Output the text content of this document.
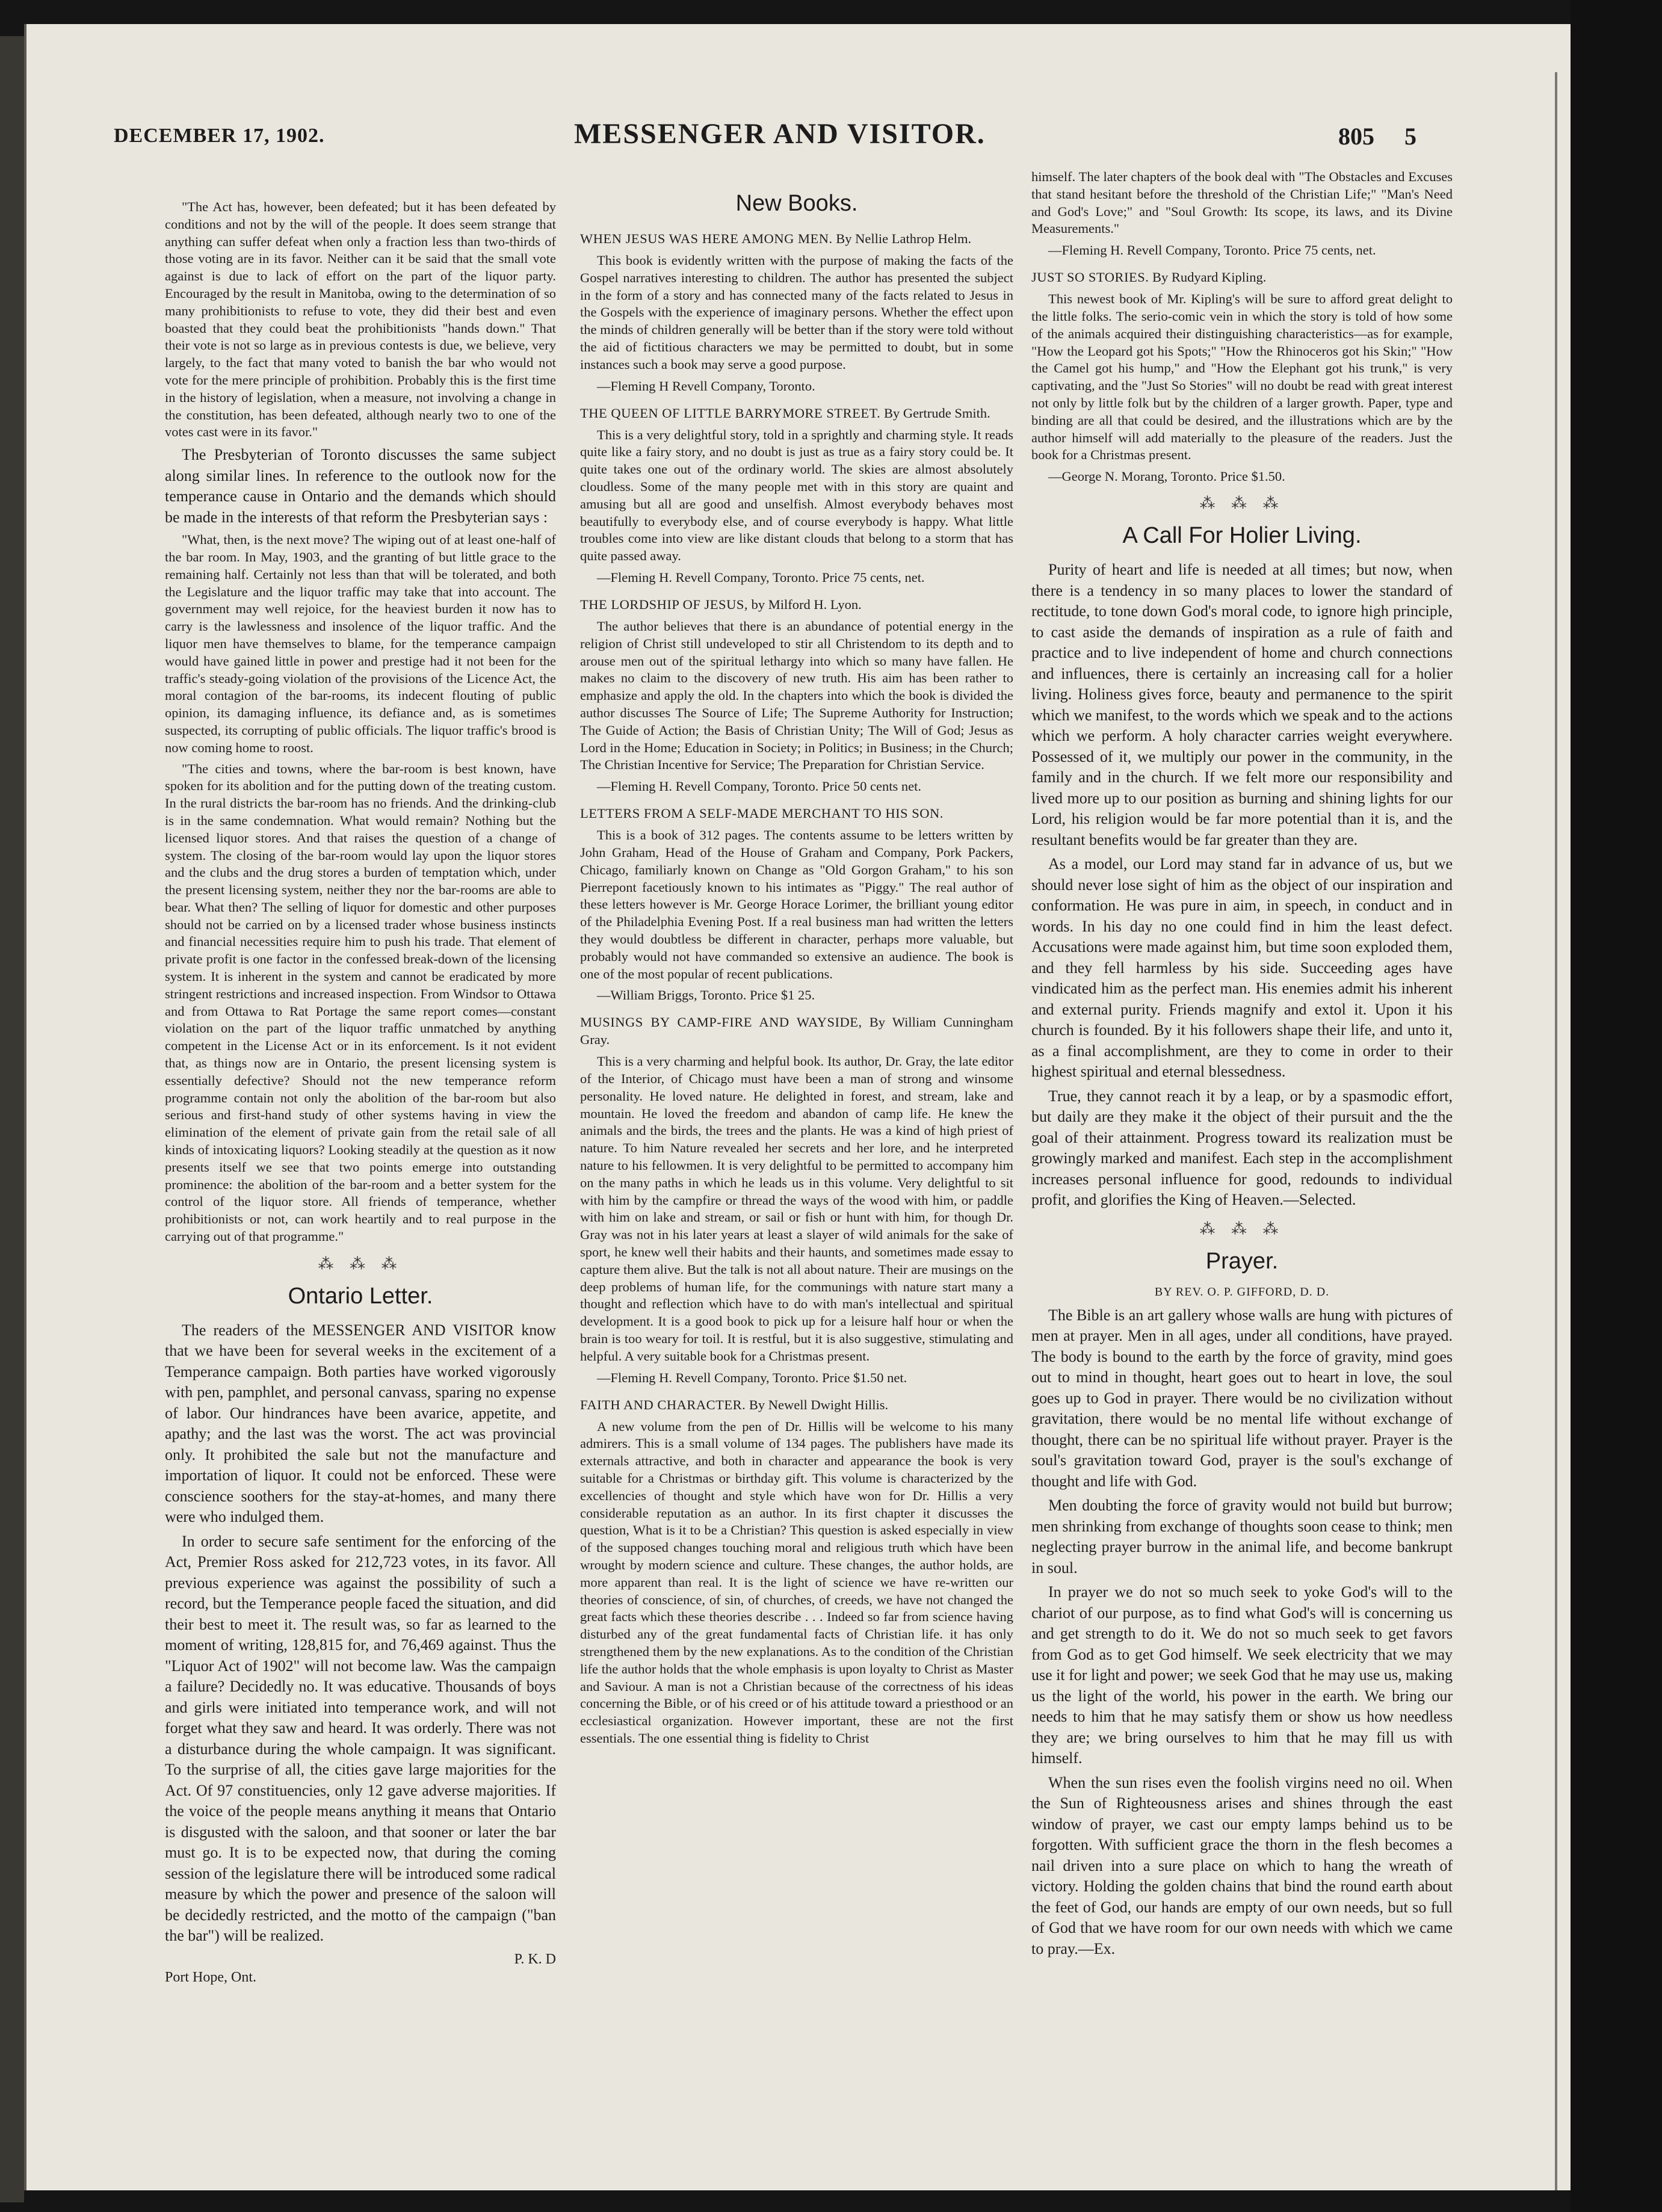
DECEMBER 17, 1902.	MESSENGER AND VISITOR.	805 5

"The Act has, however, been defeated; but it has been defeated by conditions and not by the will of the people. It does seem strange that anything can suffer defeat when only a fraction less than two-thirds of those voting are in its favor. Neither can it be said that the small vote against is due to lack of effort on the part of the liquor party. Encouraged by the result in Manitoba, owing to the determination of so many prohibitionists to refuse to vote, they did their best and even boasted that they could beat the prohibitionists "hands down." That their vote is not so large as in previous contests is due, we believe, very largely, to the fact that many voted to banish the bar who would not vote for the mere principle of prohibition. Probably this is the first time in the history of legislation, when a measure, not involving a change in the constitution, has been defeated, although nearly two to one of the votes cast were in its favor."

The Presbyterian of Toronto discusses the same subject along similar lines. In reference to the outlook now for the temperance cause in Ontario and the demands which should be made in the interests of that reform the Presbyterian says :

"What, then, is the next move? The wiping out of at least one-half of the bar room. In May, 1903, and the granting of but little grace to the remaining half. Certainly not less than that will be tolerated, and both the Legislature and the liquor traffic may take that into account. The government may well rejoice, for the heaviest burden it now has to carry is the lawlessness and insolence of the liquor traffic. And the liquor men have themselves to blame, for the temperance campaign would have gained little in power and prestige had it not been for the traffic's steady-going violation of the provisions of the Licence Act, the moral contagion of the bar-rooms, its indecent flouting of public opinion, its damaging influence, its defiance and, as is sometimes suspected, its corrupting of public officials. The liquor traffic's brood is now coming home to roost.

"The cities and towns, where the bar-room is best known, have spoken for its abolition and for the putting down of the treating custom. In the rural districts the bar-room has no friends. And the drinking-club is in the same condemnation. What would remain? Nothing but the licensed liquor stores. And that raises the question of a change of system. The closing of the bar-room would lay upon the liquor stores and the clubs and the drug stores a burden of temptation which, under the present licensing system, neither they nor the bar-rooms are able to bear. What then? The selling of liquor for domestic and other purposes should not be carried on by a licensed trader whose business instincts and financial necessities require him to push his trade. That element of private profit is one factor in the confessed break-down of the licensing system. It is inherent in the system and cannot be eradicated by more stringent restrictions and increased inspection. From Windsor to Ottawa and from Ottawa to Rat Portage the same report comes—constant violation on the part of the liquor traffic unmatched by anything competent in the License Act or in its enforcement. Is it not evident that, as things now are in Ontario, the present licensing system is essentially defective? Should not the new temperance reform programme contain not only the abolition of the bar-room but also serious and first-hand study of other systems having in view the elimination of the element of private gain from the retail sale of all kinds of intoxicating liquors? Looking steadily at the question as it now presents itself we see that two points emerge into outstanding prominence: the abolition of the bar-room and a better system for the control of the liquor store. All friends of temperance, whether prohibitionists or not, can work heartily and to real purpose in the carrying out of that programme."

⁂ ⁂ ⁂
Ontario Letter.

The readers of the MESSENGER AND VISITOR know that we have been for several weeks in the excitement of a Temperance campaign. Both parties have worked vigorously with pen, pamphlet, and personal canvass, sparing no expense of labor. Our hindrances have been avarice, appetite, and apathy; and the last was the worst. The act was provincial only. It prohibited the sale but not the manufacture and importation of liquor. It could not be enforced. These were conscience soothers for the stay-at-homes, and many there were who indulged them.

In order to secure safe sentiment for the enforcing of the Act, Premier Ross asked for 212,723 votes, in its favor. All previous experience was against the possibility of such a record, but the Temperance people faced the situation, and did their best to meet it. The result was, so far as learned to the moment of writing, 128,815 for, and 76,469 against. Thus the "Liquor Act of 1902" will not become law. Was the campaign a failure? Decidedly no. It was educative. Thousands of boys and girls were initiated into temperance work, and will not forget what they saw and heard. It was orderly. There was not a disturbance during the whole campaign. It was significant. To the surprise of all, the cities gave large majorities for the Act. Of 97 constituencies, only 12 gave adverse majorities. If the voice of the people means anything it means that Ontario is disgusted with the saloon, and that sooner or later the bar must go. It is to be expected now, that during the coming session of the legislature there will be introduced some radical measure by which the power and presence of the saloon will be decidedly restricted, and the motto of the campaign ("ban the bar") will be realized.

P. K. D
Port Hope, Ont.
New Books.

WHEN JESUS WAS HERE AMONG MEN. By Nellie Lathrop Helm.

This book is evidently written with the purpose of making the facts of the Gospel narratives interesting to children. The author has presented the subject in the form of a story and has connected many of the facts related to Jesus in the Gospels with the experience of imaginary persons. Whether the effect upon the minds of children generally will be better than if the story were told without the aid of fictitious characters we may be permitted to doubt, but in some instances such a book may serve a good purpose.

—Fleming H Revell Company, Toronto.

THE QUEEN OF LITTLE BARRYMORE STREET. By Gertrude Smith.

This is a very delightful story, told in a sprightly and charming style. It reads quite like a fairy story, and no doubt is just as true as a fairy story could be. It quite takes one out of the ordinary world. The skies are almost absolutely cloudless. Some of the many people met with in this story are quaint and amusing but all are good and unselfish. Almost everybody behaves most beautifully to everybody else, and of course everybody is happy. What little troubles come into view are like distant clouds that belong to a storm that has quite passed away.

—Fleming H. Revell Company, Toronto. Price 75 cents, net.

THE LORDSHIP OF JESUS, by Milford H. Lyon.

The author believes that there is an abundance of potential energy in the religion of Christ still undeveloped to stir all Christendom to its depth and to arouse men out of the spiritual lethargy into which so many have fallen. He makes no claim to the discovery of new truth. His aim has been rather to emphasize and apply the old. In the chapters into which the book is divided the author discusses The Source of Life; The Supreme Authority for Instruction; The Guide of Action; the Basis of Christian Unity; The Will of God; Jesus as Lord in the Home; Education in Society; in Politics; in Business; in the Church; The Christian Incentive for Service; The Preparation for Christian Service.

—Fleming H. Revell Company, Toronto. Price 50 cents net.

LETTERS FROM A SELF-MADE MERCHANT TO HIS SON.

This is a book of 312 pages. The contents assume to be letters written by John Graham, Head of the House of Graham and Company, Pork Packers, Chicago, familiarly known on Change as "Old Gorgon Graham," to his son Pierrepont facetiously known to his intimates as "Piggy." The real author of these letters however is Mr. George Horace Lorimer, the brilliant young editor of the Philadelphia Evening Post. If a real business man had written the letters they would doubtless be different in character, perhaps more valuable, but probably would not have commanded so extensive an audience. The book is one of the most popular of recent publications.

—William Briggs, Toronto. Price $1 25.

MUSINGS BY CAMP-FIRE AND WAYSIDE, By William Cunningham Gray.

This is a very charming and helpful book. Its author, Dr. Gray, the late editor of the Interior, of Chicago must have been a man of strong and winsome personality. He loved nature. He delighted in forest, and stream, lake and mountain. He loved the freedom and abandon of camp life. He knew the animals and the birds, the trees and the plants. He was a kind of high priest of nature. To him Nature revealed her secrets and her lore, and he interpreted nature to his fellowmen. It is very delightful to be permitted to accompany him on the many paths in which he leads us in this volume. Very delightful to sit with him by the campfire or thread the ways of the wood with him, or paddle with him on lake and stream, or sail or fish or hunt with him, for though Dr. Gray was not in his later years at least a slayer of wild animals for the sake of sport, he knew well their habits and their haunts, and sometimes made essay to capture them alive. But the talk is not all about nature. Their are musings on the deep problems of human life, for the communings with nature start many a thought and reflection which have to do with man's intellectual and spiritual development. It is a good book to pick up for a leisure half hour or when the brain is too weary for toil. It is restful, but it is also suggestive, stimulating and helpful. A very suitable book for a Christmas present.

—Fleming H. Revell Company, Toronto. Price $1.50 net.

FAITH AND CHARACTER. By Newell Dwight Hillis.

A new volume from the pen of Dr. Hillis will be welcome to his many admirers. This is a small volume of 134 pages. The publishers have made its externals attractive, and both in character and appearance the book is very suitable for a Christmas or birthday gift. This volume is characterized by the excellencies of thought and style which have won for Dr. Hillis a very considerable reputation as an author. In its first chapter it discusses the question, What is it to be a Christian? This question is asked especially in view of the supposed changes touching moral and religious truth which have been wrought by modern science and culture. These changes, the author holds, are more apparent than real. It is the light of science we have re-written our theories of conscience, of sin, of churches, of creeds, we have not changed the great facts which these theories describe . . . Indeed so far from science having disturbed any of the great fundamental facts of Christian life. it has only strengthened them by the new explanations. As to the condition of the Christian life the author holds that the whole emphasis is upon loyalty to Christ as Master and Saviour. A man is not a Christian because of the correctness of his ideas concerning the Bible, or of his creed or of his attitude toward a priesthood or an ecclesiastical organization. However important, these are not the first essentials. The one essential thing is fidelity to Christ

himself. The later chapters of the book deal with "The Obstacles and Excuses that stand hesitant before the threshold of the Christian Life;" "Man's Need and God's Love;" and "Soul Growth: Its scope, its laws, and its Divine Measurements."

—Fleming H. Revell Company, Toronto. Price 75 cents, net.

JUST SO STORIES. By Rudyard Kipling.

This newest book of Mr. Kipling's will be sure to afford great delight to the little folks. The serio-comic vein in which the story is told of how some of the animals acquired their distinguishing characteristics—as for example, "How the Leopard got his Spots;" "How the Rhinoceros got his Skin;" "How the Camel got his hump," and "How the Elephant got his trunk," is very captivating, and the "Just So Stories" will no doubt be read with great interest not only by little folk but by the children of a larger growth. Paper, type and binding are all that could be desired, and the illustrations which are by the author himself will add materially to the pleasure of the readers. Just the book for a Christmas present.

—George N. Morang, Toronto. Price $1.50.

⁂ ⁂ ⁂
A Call For Holier Living.

Purity of heart and life is needed at all times; but now, when there is a tendency in so many places to lower the standard of rectitude, to tone down God's moral code, to ignore high principle, to cast aside the demands of inspiration as a rule of faith and practice and to live independent of home and church connections and influences, there is certainly an increasing call for a holier living. Holiness gives force, beauty and permanence to the spirit which we manifest, to the words which we speak and to the actions which we perform. A holy character carries weight everywhere. Possessed of it, we multiply our power in the community, in the family and in the church. If we felt more our responsibility and lived more up to our position as burning and shining lights for our Lord, his religion would be far more potential than it is, and the resultant benefits would be far greater than they are.

As a model, our Lord may stand far in advance of us, but we should never lose sight of him as the object of our inspiration and conformation. He was pure in aim, in speech, in conduct and in words. In his day no one could find in him the least defect. Accusations were made against him, but time soon exploded them, and they fell harmless by his side. Succeeding ages have vindicated him as the perfect man. His enemies admit his inherent and external purity. Friends magnify and extol it. Upon it his church is founded. By it his followers shape their life, and unto it, as a final accomplishment, are they to come in order to their highest spiritual and eternal blessedness.

True, they cannot reach it by a leap, or by a spasmodic effort, but daily are they make it the object of their pursuit and the the goal of their attainment. Progress toward its realization must be growingly marked and manifest. Each step in the accomplishment increases personal influence for good, redounds to individual profit, and glorifies the King of Heaven.—Selected.

⁂ ⁂ ⁂
Prayer.
BY REV. O. P. GIFFORD, D. D.

The Bible is an art gallery whose walls are hung with pictures of men at prayer. Men in all ages, under all conditions, have prayed. The body is bound to the earth by the force of gravity, mind goes out to mind in thought, heart goes out to heart in love, the soul goes up to God in prayer. There would be no civilization without gravitation, there would be no mental life without exchange of thought, there can be no spiritual life without prayer. Prayer is the soul's gravitation toward God, prayer is the soul's exchange of thought and life with God.

Men doubting the force of gravity would not build but burrow; men shrinking from exchange of thoughts soon cease to think; men neglecting prayer burrow in the animal life, and become bankrupt in soul.

In prayer we do not so much seek to yoke God's will to the chariot of our purpose, as to find what God's will is concerning us and get strength to do it. We do not so much seek to get favors from God as to get God himself. We seek electricity that we may use it for light and power; we seek God that he may use us, making us the light of the world, his power in the earth. We bring our needs to him that he may satisfy them or show us how needless they are; we bring ourselves to him that he may fill us with himself.

When the sun rises even the foolish virgins need no oil. When the Sun of Righteousness arises and shines through the east window of prayer, we cast our empty lamps behind us to be forgotten. With sufficient grace the thorn in the flesh becomes a nail driven into a sure place on which to hang the wreath of victory. Holding the golden chains that bind the round earth about the feet of God, our hands are empty of our own needs, but so full of God that we have room for our own needs with which we came to pray.—Ex.
